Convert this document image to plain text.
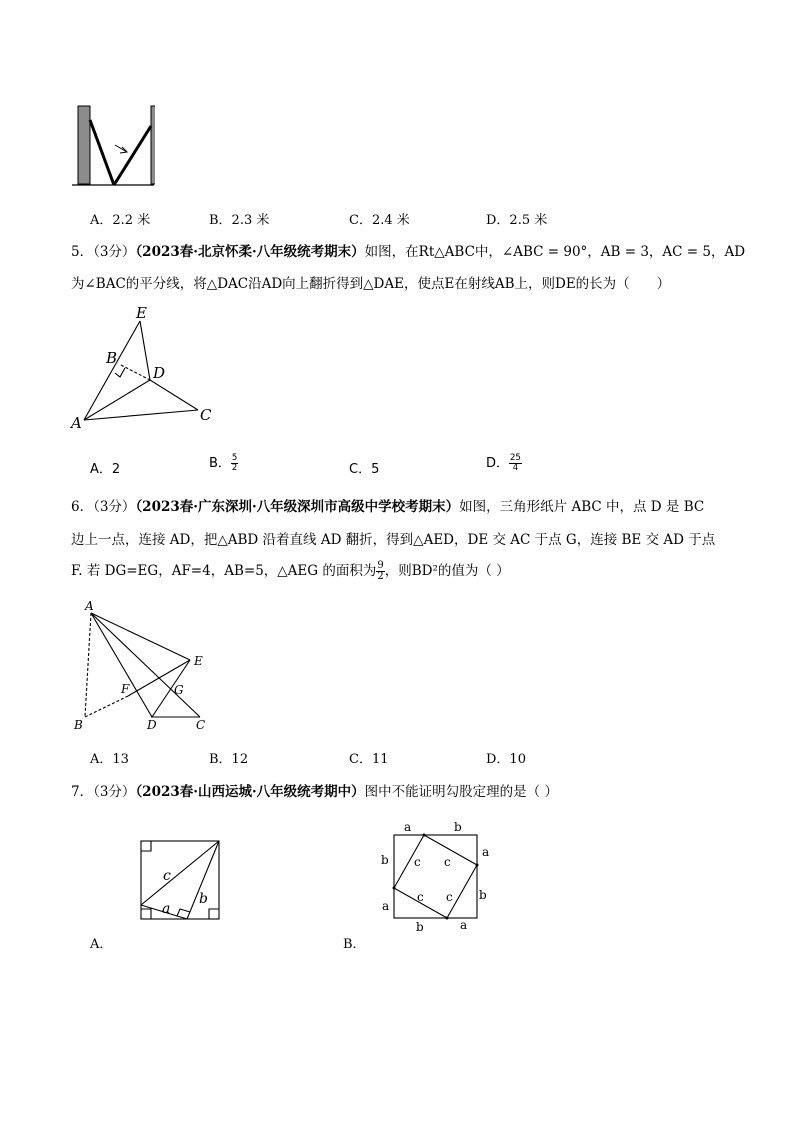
A．2.2 米	B．2.3 米	C．2.4 米	D．2.5 米
5．（3分）（2023春·北京怀柔·八年级统考期末）如图，在Rt△ABC中，∠ABC = 90°，AB = 3，AC = 5，AD
为∠BAC的平分线，将△DAC沿AD向上翻折得到△DAE，使点E在射线AB上，则DE的长为（　　）
E
B
D
A	C
A．2	B． $\frac{5}{2}$	C．5	D． $\frac{25}{4}$
6．（3分）（2023春·广东深圳·八年级深圳市高级中学校考期末）如图，三角形纸片 ABC 中，点 D 是 BC
边上一点，连接 AD，把△ABD 沿着直线 AD 翻折，得到△AED，DE 交 AC 于点 G，连接 BE 交 AD 于点
F. 若 DG=EG，AF=4，AB=5，△AEG 的面积为 $\frac{9}{2}$ ，则BD²的值为（ ）
A
E
F	G
B	D	C
A．13	B．12	C．11	D．10
7．（3分）（2023春·山西运城·八年级统考期中）图中不能证明勾股定理的是（ ）
c
a
b
a	b
b
a
c c
c c
a
b
b	a
A．	B．
